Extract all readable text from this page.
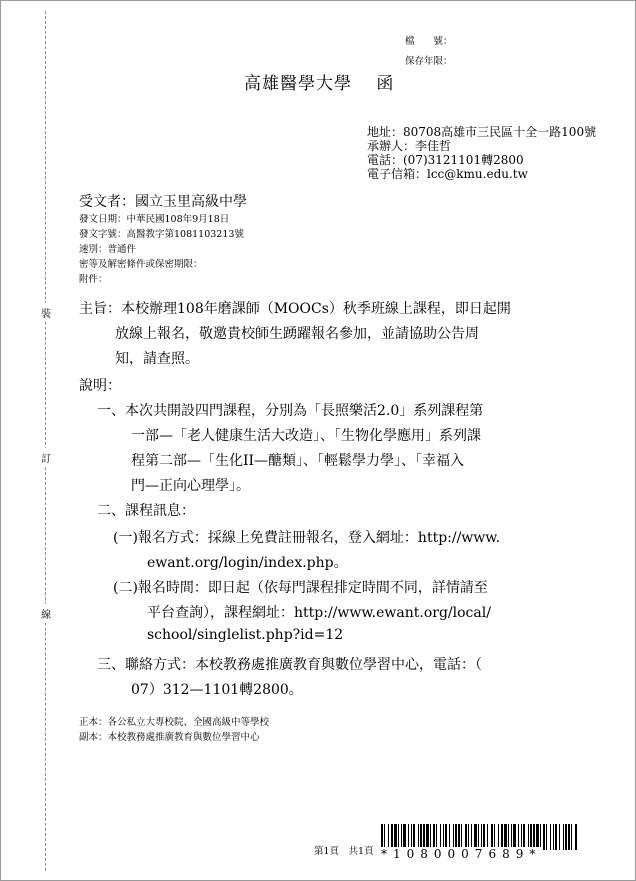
裝
訂
線
檔　　號：
保存年限：
高雄醫學大學　 函
地址：80708高雄市三民區十全一路100號
承辦人：李佳哲
電話：(07)3121101轉2800
電子信箱：lcc@kmu.edu.tw
受文者：國立玉里高級中學
發文日期：中華民國108年9月18日
發文字號：高醫教字第1081103213號
速別：普通件
密等及解密條件或保密期限：
附件：
主旨：本校辦理108年磨課師（MOOCs）秋季班線上課程，即日起開
放線上報名，敬邀貴校師生踴躍報名參加，並請協助公告周
知，請查照。
說明：
一、本次共開設四門課程，分別為「長照樂活2.0」系列課程第
一部—「老人健康生活大改造」、「生物化學應用」系列課
程第二部—「生化II—醣類」、「輕鬆學力學」、「幸福入
門—正向心理學」。
二、課程訊息：
(一)報名方式：採線上免費註冊報名，登入網址：http://www.
ewant.org/login/index.php。
(二)報名時間：即日起（依每門課程排定時間不同，詳情請至
平台查詢），課程網址：http://www.ewant.org/local/
school/singlelist.php?id=12
三、聯絡方式：本校教務處推廣教育與數位學習中心，電話：（
07）312—1101轉2800。
正本：各公私立大專校院、全國高級中等學校
副本：本校教務處推廣教育與數位學習中心
第1頁　共1頁 *1080007689*
